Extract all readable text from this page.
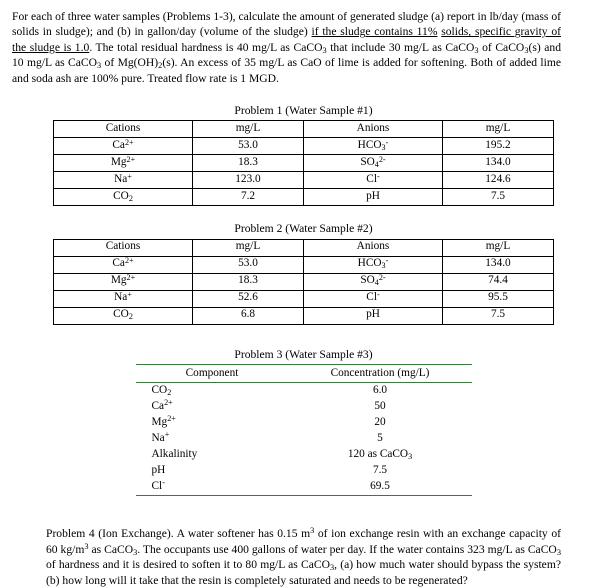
For each of three water samples (Problems 1-3), calculate the amount of generated sludge (a) report in lb/day (mass of solids in sludge); and (b) in gallon/day (volume of the sludge) if the sludge contains 11% solids, specific gravity of the sludge is 1.0. The total residual hardness is 40 mg/L as CaCO$_3$ that include 30 mg/L as CaCO$_3$ of CaCO$_3$(s) and 10 mg/L as CaCO$_3$ of $Mg(OH)_2(s)$. An excess of 35 mg/L as CaO of lime is added for softening. Both of added lime and soda ash are 100% pure. Treated flow rate is 1 MGD.
Problem 1 (Water Sample #1)
Cations	mg/L	Anions	mg/L
$Ca^{2+}$	53.0	$HCO_3^-$	195.2
$Mg^{2+}$	18.3	$SO_4^{2-}$	134.0
Na+	123.0	Cl-	124.6
$CO_2$	7.2	pH	7.5
Problem 2 (Water Sample #2)
Cations	mg/L	Anions	mg/L
$Ca^{2+}$	53.0	$HCO_3^-$	134.0
$Mg^{2+}$	18.3	$SO_4^{2-}$	74.4
Na+	52.6	Cl-	95.5
$CO_2$	6.8	pH	7.5
Problem 3 (Water Sample #3)
Component	Concentration (mg/L)
$CO_2$	6.0
$Ca^{2+}$	50
$Mg^{2+}$	20
Na+	5
Alkalinity	120 as CaCO$_3$
pH	7.5
Cl-	69.5
Problem 4 (Ion Exchange). A water softener has 0.15 $m^3$ of ion exchange resin with an exchange capacity of 60 $kg/m^3$ as CaCO$_3$. The occupants use 400 gallons of water per day. If the water contains 323 mg/L as CaCO$_3$ of hardness and it is desired to soften it to 80 mg/L as CaCO$_3$, (a) how much water should bypass the system? (b) how long will it take that the resin is completely saturated and needs to be regenerated?
